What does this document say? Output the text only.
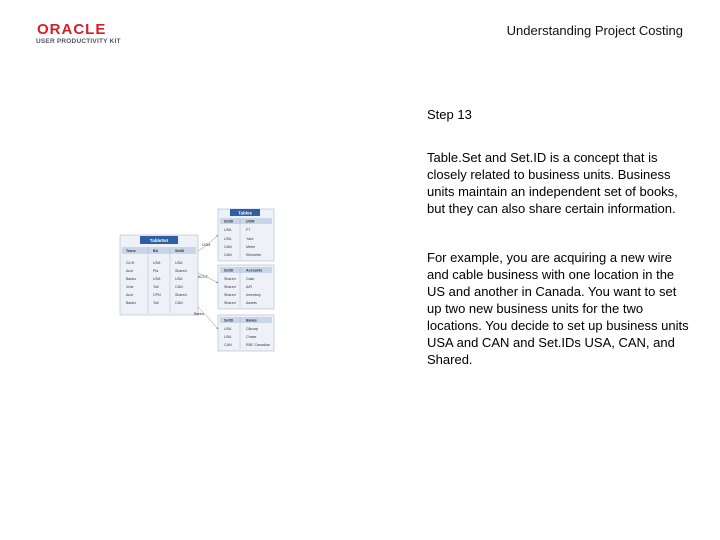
ORACLE
USER PRODUCTIVITY KIT
Understanding Project Costing
Step 13

Table.Set and Set.ID is a concept that is closely related to business units. Business units maintain an independent set of books, but they can also share certain information.

For example, you are acquiring a new wire and cable business with one location in the US and another in Canada. You want to set up two new business units for the two locations. You decide to set up business units USA and CAN and Set.IDs USA, CAN, and Shared.

TableSet
Trans	BU	SetID
GL/H	USA	USA
Acct	Pla	Shared
Banko	USA	USA
Vndr	Toll	CAN
Acct	CPN	Shared
Bankx	Toll	CAN
Tables
SetID	UOM
USA	FT
USA	Yard
CAN	Metre
CAN	Kilometre
SetID	Accounts
Shared	Cash
Shared	A/R
Shared	Inventory
Shared	Assets
SetID	Banks
USA	Citicorp
USA	Chase
CAN	RBC Canadian
UOM
ACCT
Banks
